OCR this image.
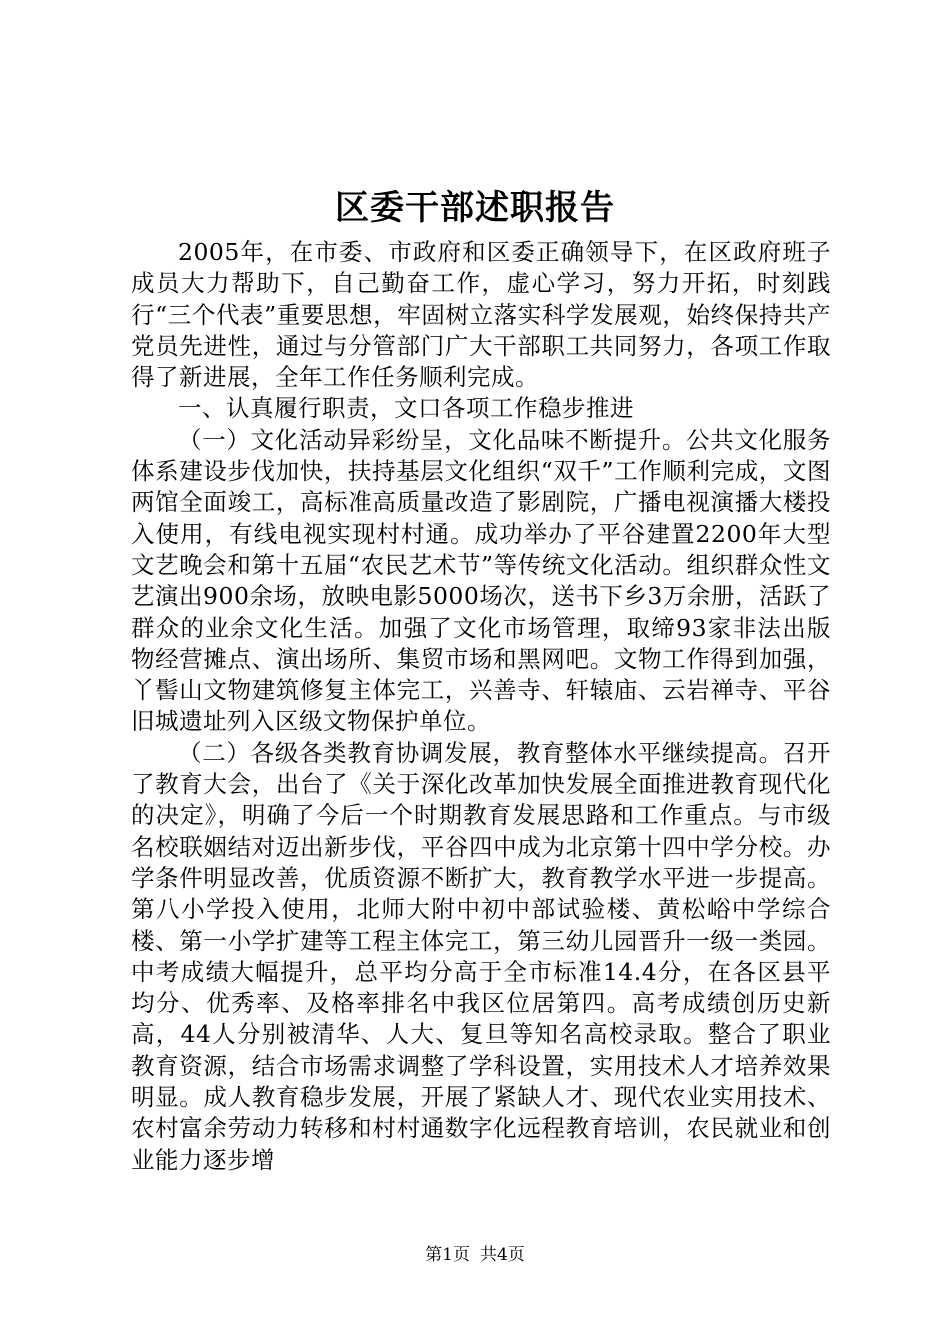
区委干部述职报告

2005年，在市委、市政府和区委正确领导下，在区政府班子成员大力帮助下，自己勤奋工作，虚心学习，努力开拓，时刻践行“三个代表”重要思想，牢固树立落实科学发展观，始终保持共产党员先进性，通过与分管部门广大干部职工共同努力，各项工作取得了新进展，全年工作任务顺利完成。

一、认真履行职责，文口各项工作稳步推进

（一）文化活动异彩纷呈，文化品味不断提升。公共文化服务体系建设步伐加快，扶持基层文化组织“双千”工作顺利完成，文图两馆全面竣工，高标准高质量改造了影剧院，广播电视演播大楼投入使用，有线电视实现村村通。成功举办了平谷建置2200年大型文艺晚会和第十五届“农民艺术节”等传统文化活动。组织群众性文艺演出900余场，放映电影5000场次，送书下乡3万余册，活跃了群众的业余文化生活。加强了文化市场管理，取缔93家非法出版物经营摊点、演出场所、集贸市场和黑网吧。文物工作得到加强，丫髻山文物建筑修复主体完工，兴善寺、轩辕庙、云岩禅寺、平谷旧城遗址列入区级文物保护单位。

（二）各级各类教育协调发展，教育整体水平继续提高。召开了教育大会，出台了《关于深化改革加快发展全面推进教育现代化的决定》，明确了今后一个时期教育发展思路和工作重点。与市级名校联姻结对迈出新步伐，平谷四中成为北京第十四中学分校。办学条件明显改善，优质资源不断扩大，教育教学水平进一步提高。第八小学投入使用，北师大附中初中部试验楼、黄松峪中学综合楼、第一小学扩建等工程主体完工，第三幼儿园晋升一级一类园。中考成绩大幅提升，总平均分高于全市标准14.4分，在各区县平均分、优秀率、及格率排名中我区位居第四。高考成绩创历史新高，44人分别被清华、人大、复旦等知名高校录取。整合了职业教育资源，结合市场需求调整了学科设置，实用技术人才培养效果明显。成人教育稳步发展，开展了紧缺人才、现代农业实用技术、农村富余劳动力转移和村村通数字化远程教育培训，农民就业和创业能力逐步增

第1页 共4页
